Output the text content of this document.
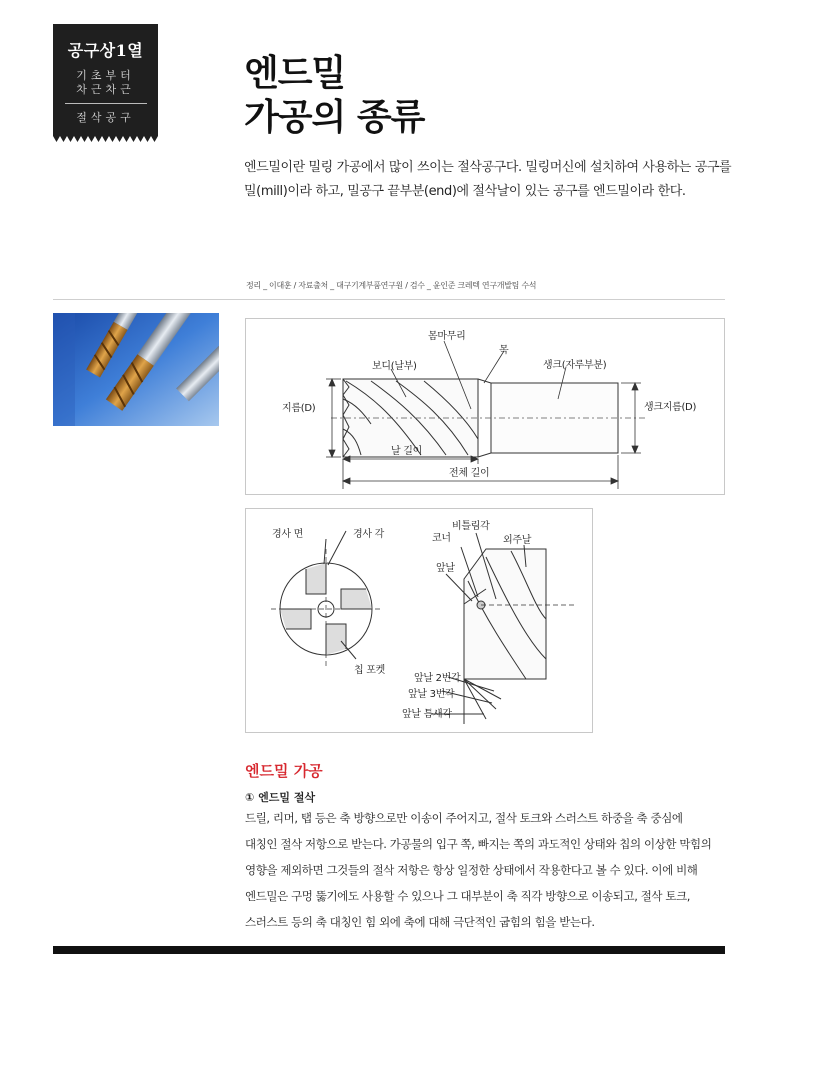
공구상1열
기초부터
차근차근
절삭공구
엔드밀
가공의 종류
엔드밀이란 밀링 가공에서 많이 쓰이는 절삭공구다. 밀링머신에 설치하여 사용하는 공구를 밀(mill)이라 하고, 밀공구 끝부분(end)에 절삭날이 있는 공구를 엔드밀이라 한다.
정리 _ 이대훈 / 자료출처 _ 대구기계부품연구원 / 검수 _ 윤인준 크레텍 연구개발팀 수석
몸마무리
목
보디(날부)	생크(자루부분)
지름(D)	생크지름(D)
날 길이
전체 길이
경사 면	경사 각
비틀림각
코너	외주날
앞날
칩 포켓
앞날 2번각
앞날 3번각
앞날 틈새각
엔드밀 가공
① 엔드밀 절삭
드릴, 리머, 탭 등은 축 방향으로만 이송이 주어지고, 절삭 토크와 스러스트 하중을 축 중심에
대칭인 절삭 저항으로 받는다. 가공물의 입구 쪽, 빠지는 쪽의 과도적인 상태와 칩의 이상한 막힘의
영향을 제외하면 그것들의 절삭 저항은 항상 일정한 상태에서 작용한다고 볼 수 있다. 이에 비해
엔드밀은 구멍 뚫기에도 사용할 수 있으나 그 대부분이 축 직각 방향으로 이송되고, 절삭 토크,
스러스트 등의 축 대칭인 힘 외에 축에 대해 극단적인 굽힘의 힘을 받는다.
